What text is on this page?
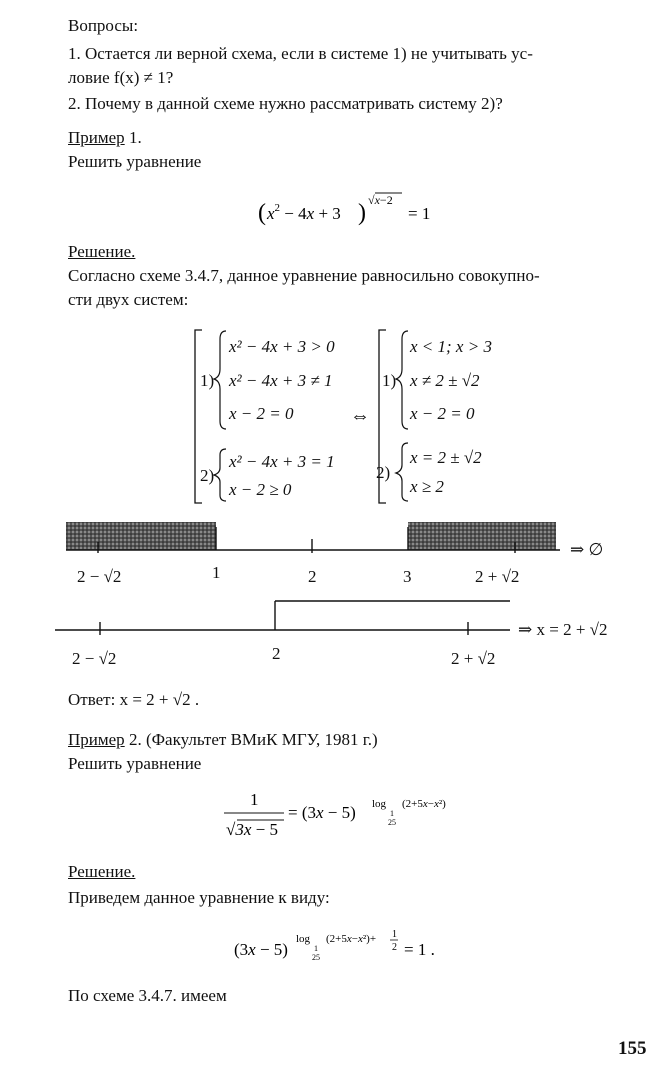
Вопросы:
1. Остается ли верной схема, если в системе 1) не учитывать ус-
ловие f(x) ≠ 1?
2. Почему в данной схеме нужно рассматривать систему 2)?
Пример 1.
Решить уравнение
( $x^2 - 4x + 3$ ) √x−2
= 1
Решение.
Согласно схеме 3.4.7, данное уравнение равносильно совокупно-
сти двух систем:
1)
2)
1)
2)
x² − 4x + 3 > 0
x² − 4x + 3 ≠ 1
x − 2 = 0
x² − 4x + 3 = 1
x − 2 ≥ 0
⇔
x < 1; x > 3
x ≠ 2 ± √2
x − 2 = 0
x = 2 ± √2
x ≥ 2
2 − √2	1	2	3	2 + √2
⇒ ∅
2 − √2	2	2 + √2
⇒ x = 2 + √2
Ответ: x = 2 + √2 .
Пример 2. (Факультет ВМиК МГУ, 1981 г.)
Решить уравнение
1
√3x − 5
= (3x − 5) log
1
25
(2+5x−x²)
Решение.
Приведем данное уравнение к виду:
(3x − 5)
log
1
25
(2+5x−x²)+ 1
2 = 1 .
По схеме 3.4.7. имеем
155
